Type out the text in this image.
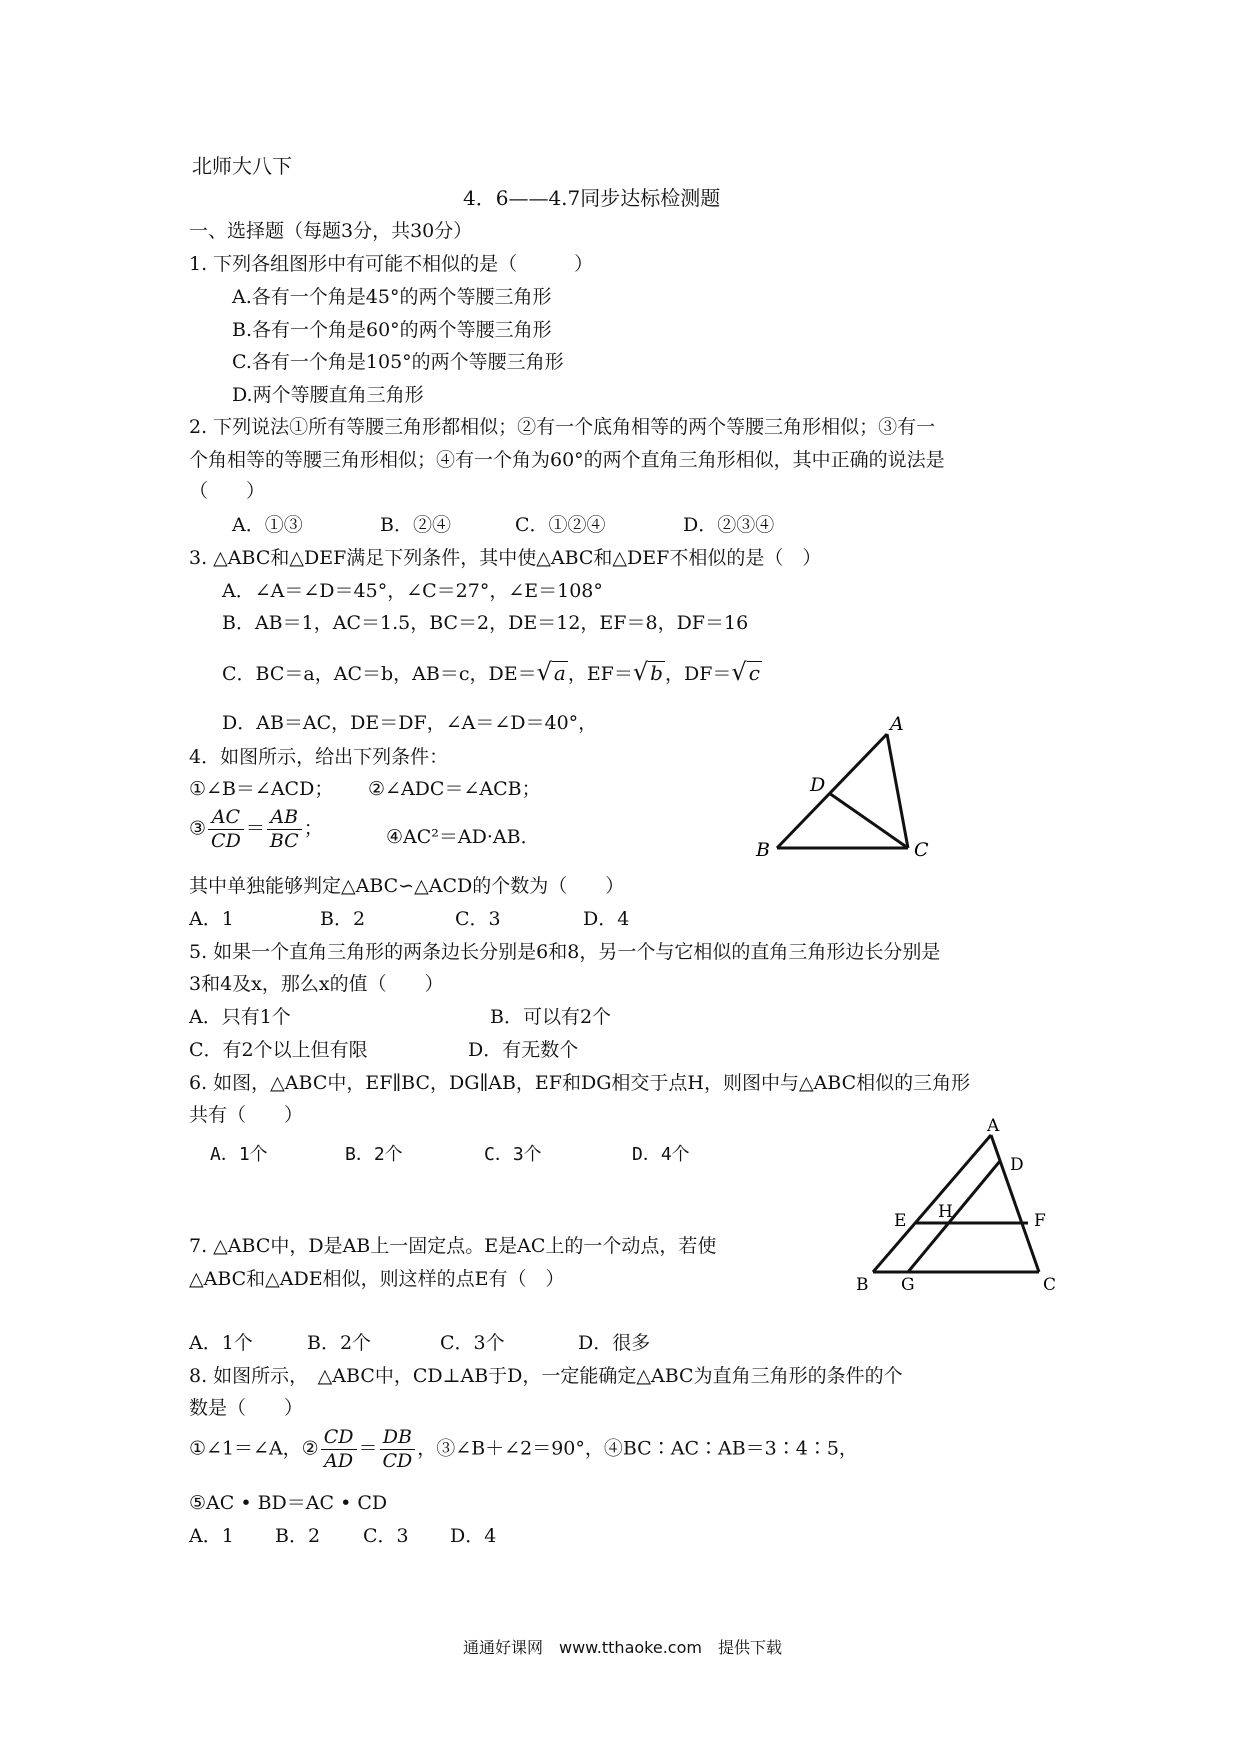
北师大八下
4．6——4.7同步达标检测题
一、选择题（每题3分，共30分）
1. 下列各组图形中有可能不相似的是（　　　）
A.各有一个角是45°的两个等腰三角形
B.各有一个角是60°的两个等腰三角形
C.各有一个角是105°的两个等腰三角形
D.两个等腰直角三角形
2. 下列说法①所有等腰三角形都相似；②有一个底角相等的两个等腰三角形相似；③有一
个角相等的等腰三角形相似；④有一个角为60°的两个直角三角形相似，其中正确的说法是
（　　）
A．①③	B．②④	C．①②④	D．②③④
3. △ABC和△DEF满足下列条件，其中使△ABC和△DEF不相似的是（　）
A．∠A＝∠D＝45°，∠C＝27°，∠E＝108°
B．AB＝1，AC＝1.5，BC＝2，DE＝12，EF＝8，DF＝16
C．BC＝a，AC＝b，AB＝c，DE＝√ a ，EF＝√ b ，DF＝√ c
D．AB＝AC，DE＝DF，∠A＝∠D＝40°，
4．如图所示，给出下列条件：
①∠B＝∠ACD； ②∠ADC＝∠ACB；
③ $\frac{AC}{CD} = \frac{AB}{BC}$ ；	④AC²＝AD·AB．
其中单独能够判定△ABC∽△ACD的个数为（　　）
A．1	B．2	C．3	D．4
A
D
B	C
5. 如果一个直角三角形的两条边长分别是6和8，另一个与它相似的直角三角形边长分别是
3和4及x，那么x的值（　　）
A．只有1个	B．可以有2个
C．有2个以上但有限	D．有无数个
6. 如图，△ABC中，EF∥BC，DG∥AB，EF和DG相交于点H，则图中与△ABC相似的三角形
共有（　　）
A．1个	B．2个	C．3个	D．4个
A
D
E H	F
B G	C
7. △ABC中，D是AB上一固定点。E是AC上的一个动点，若使
△ABC和△ADE相似，则这样的点E有（　）
A．1个	B．2个	C．3个	D．很多
8. 如图所示，　△ABC中，CD⊥AB于D，一定能确定△ABC为直角三角形的条件的个
数是（　　）
①∠1＝∠A，② $\frac{CD}{AD} = \frac{DB}{CD}$ ，③∠B＋∠2＝90°，④BC∶AC∶AB＝3∶4∶5，
⑤AC • BD＝AC • CD
A．1 B．2 C．3 D．4
通通好课网　www.tthaoke.com　提供下载
